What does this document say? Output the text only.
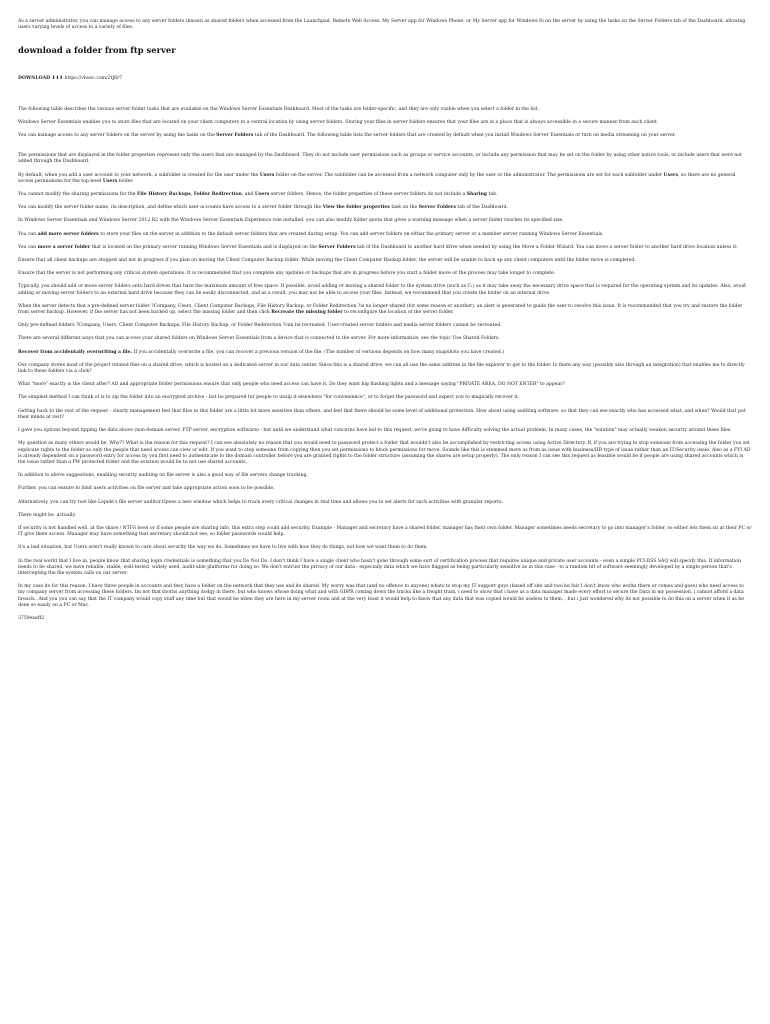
As a server administrator, you can manage access to any server folders (known as shared folders when accessed from the Launchpad, Remote Web Access, My Server app for Windows Phone, or My Server app for Windows 8) on the server by using the tasks on the Server Folders tab of the Dashboard, allowing users varying levels of access to a variety of files.

download a folder from ftp server

DOWNLOAD ⬇⬇⬇ https://vbooc.com/2tJ6r7

The following table describes the various server folder tasks that are available on the Windows Server Essentials Dashboard. Most of the tasks are folder-specific, and they are only visible when you select a folder in the list.

Windows Server Essentials enables you to store files that are located on your client computers to a central location by using server folders. Storing your files in server folders ensures that your files are in a place that is always accessible in a secure manner from each client.

You can manage access to any server folders on the server by using the tasks on the Server Folders tab of the Dashboard. The following table lists the server folders that are created by default when you install Windows Server Essentials or turn on media streaming on your server.

The permissions that are displayed in the folder properties represent only the users that are managed by the Dashboard. They do not include user permissions such as groups or service accounts, or include any permission that may be set on the folder by using other native tools, or include users that were not added through the Dashboard.

By default, when you add a user account to your network, a subfolder is created for the user under the Users folder on the server. The subfolder can be accessed from a network computer only by the user or the administrator. The permissions are set for each subfolder under Users, so there are no general access permissions for the top-level Users folder.

You cannot modify the sharing permissions for the File History Backups, Folder Redirection, and Users server folders. Hence, the folder properties of these server folders do not include a Sharing tab.

You can modify the server folder name, its description, and define which user accounts have access to a server folder through the View the folder properties task on the Server Folders tab of the Dashboard.

In Windows Server Essentials and Windows Server 2012 R2 with the Windows Server Essentials Experience role installed, you can also modify folder quota that gives a warning message when a server folder reaches its specified size.

You can add more server folders to store your files on the server in addition to the default server folders that are created during setup. You can add server folders on either the primary server or a member server running Windows Server Essentials.

You can move a server folder that is located on the primary server running Windows Server Essentials and is displayed on the Server Folders tab of the Dashboard to another hard drive when needed by using the Move a Folder Wizard. You can move a server folder to another hard drive location unless it:

Ensure that all client backups are stopped and not in progress if you plan on moving the Client Computer Backup folder. While moving the Client Computer Backup folder, the server will be unable to back up any client computers until the folder move is completed.

Ensure that the server is not performing any critical system operations. It is recommended that you complete any updates or backups that are in progress before you start a folder move or the process may take longer to complete.

Typically, you should add or move server folders onto hard drives that have the maximum amount of free space. If possible, avoid adding or moving a shared folder to the system drive (such as C:) as it may take away the necessary drive space that is required for the operating system and its updates. Also, avoid adding or moving server folders to an external hard drive because they can be easily disconnected, and as a result, you may not be able to access your files. Instead, we recommend that you create the folder on an internal drive.

When the server detects that a pre-defined server folder ?Company, Users, Client Computer Backups, File History Backup, or Folder Redirection ?is no longer shared (for some reason or another), an alert is generated to guide the user to resolve this issue. It is recommended that you try and restore the folder from server backup. However, if the server has not been backed up, select the missing folder and then click Recreate the missing folder to reconfigure the location of the server folder.

Only pre-defined folders ?Company, Users, Client Computer Backups, File History Backup, or Folder Redirection ?can be recreated. User-created server folders and media server folders cannot be recreated.

There are several different ways that you can access your shared folders on Windows Server Essentials from a device that is connected to the server. For more information, see the topic Use Shared Folders.

Recover from accidentally overwriting a file. If you accidentally overwrite a file, you can recover a previous version of the file. (The number of versions depends on how many snapshots you have created.)

Our company stores most of the project related files on a shared drive, which is hosted on a dedicated server in our data center. Since this is a shared drive, we can all use the same address in the file explorer to get to the folder. Is there any way (possibly also through an integration) that enables me to directly link to these folders via a click?

What "more" exactly is the client after? AD and appropriate folder permissions ensure that only people who need access can have it. Do they want big flashing lights and a message saying "PRIVATE AREA, DO NOT ENTER" to appear?

The simplest method I can think of is to zip the folder into an encrypted archive - but be prepared for people to unzip it elsewhere "for convenience", or to forget the password and expect you to magically recover it.

Getting back to the root of the request - clearly management feel that files in this folder are a little bit more sensitive than others, and feel that there should be some level of additional protection. How about using auditing software, so that they can see exactly who has accessed what, and when? Would that put their minds at rest?

I gave you options beyond tipping the data above (non-domain server, FTP server, encryption software) - but until we understand what concerns have led to this request, we're going to have difficulty solving the actual problem. In many cases, the "solution" may actually weaken security around these files.

My question as many others would be, Why?? What is the reason for this request? I can see absolutely no reason that you would need to password protect a folder that wouldn't also be accomplished by restricting access using Active Directory. If, if you are trying to stop someone from accessing the folder you set explicate rights to the folder so only the people that need access can view or edit. If you want to stop someone from copying then you set permissions to block permissions for move. Sounds like this is stemmed more as from as issue with business/HR type of issue rather than an IT/Security issue. Also as a FYI AD is already dependent on a password entry for access by you first need to authenticate to the domain controller before you are granted rights to the folder structure (assuming the shares are setup properly). The only reason I can see this request as feasible would be if people are using shared accounts which is the issue rather than a PW protected folder and the solution would be to not use shared accounts.

In addition to above suggestions, enabling security auditing on file server is also a good way of file servers change tracking.

Further, you can ensure to limit users activities on file server and take appropriate action soon to be possible.

Alternatively, you can try tool like Lepide's file server auditor.Opens a new window which helps to track every critical changes in real time and allows you to set alerts for such activities with granular reports.

There might be, actually.

If security is not handled well, at the share / NTFS level or if some people are sharing info, this extra step could add security. Example - Manager and secretary have a shared folder, manager has their own folder. Manager sometimes needs secretary to go into manager's folder, so either lets them sit at their PC or IT give them access. Manager may have something that secretary should not see, so folder passwords would help.

It's a bad situation, but Users aren't really known to care about security the way we do. Sometimes we have to live with how they do things, not how we want them to do them.

In the real world that I live in, people know that sharing login credentials is something that you Do Not Do. I don't think I have a single client who hasn't gone through some sort of certification process that requires unique and private user accounts - even a simple PCI-DSS SAQ will specify this. If information needs to be shared, we have reliable, stable, well-tested, widely used, audit-able platforms for doing so. We don't entrust the privacy of our data - especially data which we have flagged as being particularly sensitive as in this case - to a random bit of software seemingly developed by a single person that's intercepting the file-system calls on our server.

In my case its for this reason. I have three people in accounts and they have a folder on the network that they use and its shared. My worry was that (and no offence to anyone) whats to stop my IT support guys (based off site and two be fair I don't know who works there or comes and goes) who need access to my company server from accessing these folders. Im not that thorns anything dodgy in there, but who knows whose doing what and with GDPR coming down the tracks like a freight train, i need to show that i have as a data manager made every effort to secure the Data in my possession, i cannot afford a data breach.. And you you can say that the IT company would copy stuff any time but that would be when they are here in my server room and at the very least it would help to know that any data that was copied would be useless to them. , but i just wondered why its not possible to do this on a server when it as be done so easily on a PC or Mac.

3759eaeff2
